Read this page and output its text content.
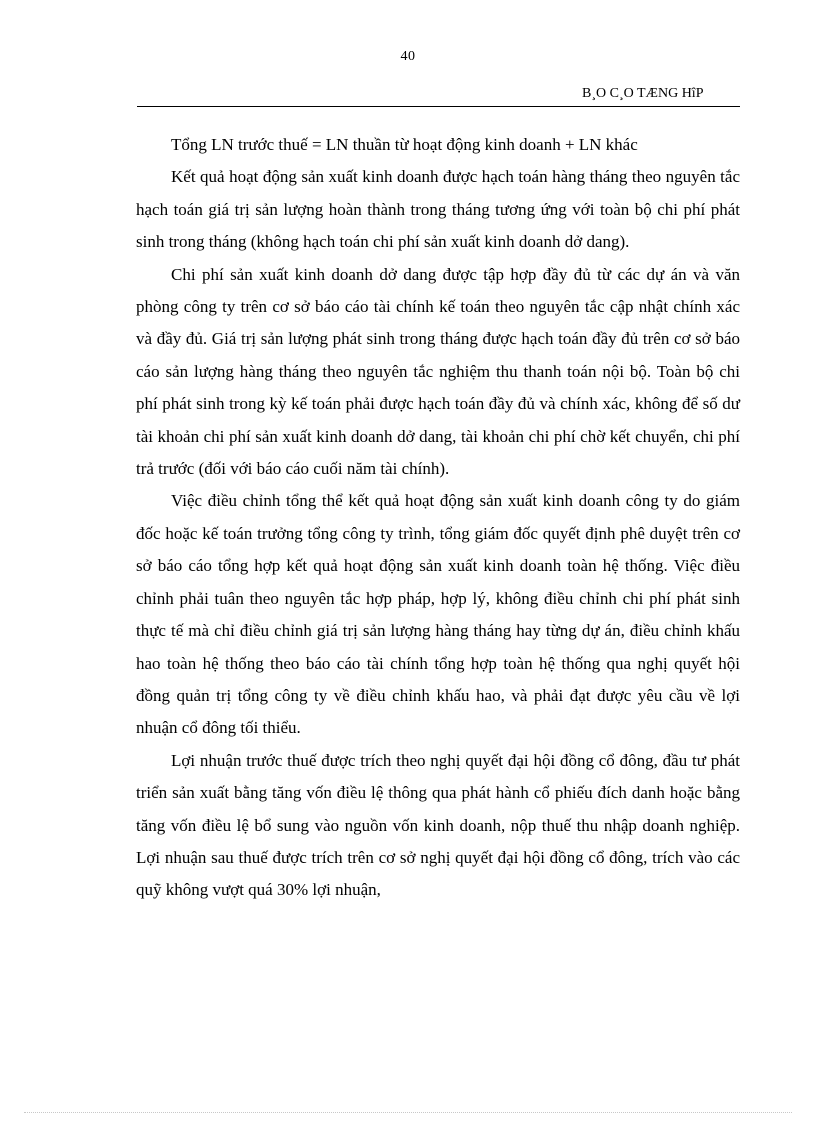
40
B¸O C¸O TÆNG HîP

Tổng LN trước thuế = LN thuần từ hoạt động kinh doanh + LN khác

Kết quả hoạt động sản xuất kinh doanh được hạch toán hàng tháng theo nguyên tắc hạch toán giá trị sản lượng hoàn thành trong tháng tương ứng với toàn bộ chi phí phát sinh trong tháng (không hạch toán chi phí sản xuất kinh doanh dở dang).

Chi phí sản xuất kinh doanh dở dang được tập hợp đầy đủ từ các dự án và văn phòng công ty trên cơ sở báo cáo tài chính kế toán theo nguyên tắc cập nhật chính xác và đầy đủ. Giá trị sản lượng phát sinh trong tháng được hạch toán đầy đủ trên cơ sở báo cáo sản lượng hàng tháng theo nguyên tắc nghiệm thu thanh toán nội bộ. Toàn bộ chi phí phát sinh trong kỳ kế toán phải được hạch toán đầy đủ và chính xác, không để số dư tài khoản chi phí sản xuất kinh doanh dở dang, tài khoản chi phí chờ kết chuyển, chi phí trả trước (đối với báo cáo cuối năm tài chính).

Việc điều chỉnh tổng thể kết quả hoạt động sản xuất kinh doanh công ty do giám đốc hoặc kế toán trưởng tổng công ty trình, tổng giám đốc quyết định phê duyệt trên cơ sở báo cáo tổng hợp kết quả hoạt động sản xuất kinh doanh toàn hệ thống. Việc điều chỉnh phải tuân theo nguyên tắc hợp pháp, hợp lý, không điều chỉnh chi phí phát sinh thực tế mà chỉ điều chỉnh giá trị sản lượng hàng tháng hay từng dự án, điều chỉnh khấu hao toàn hệ thống theo báo cáo tài chính tổng hợp toàn hệ thống qua nghị quyết hội đồng quản trị tổng công ty về điều chỉnh khấu hao, và phải đạt được yêu cầu về lợi nhuận cổ đông tối thiểu.

Lợi nhuận trước thuế được trích theo nghị quyết đại hội đồng cổ đông, đầu tư phát triển sản xuất bằng tăng vốn điều lệ thông qua phát hành cổ phiếu đích danh hoặc bằng tăng vốn điều lệ bổ sung vào nguồn vốn kinh doanh, nộp thuế thu nhập doanh nghiệp. Lợi nhuận sau thuế được trích trên cơ sở nghị quyết đại hội đồng cổ đông, trích vào các quỹ không vượt quá 30% lợi nhuận,
